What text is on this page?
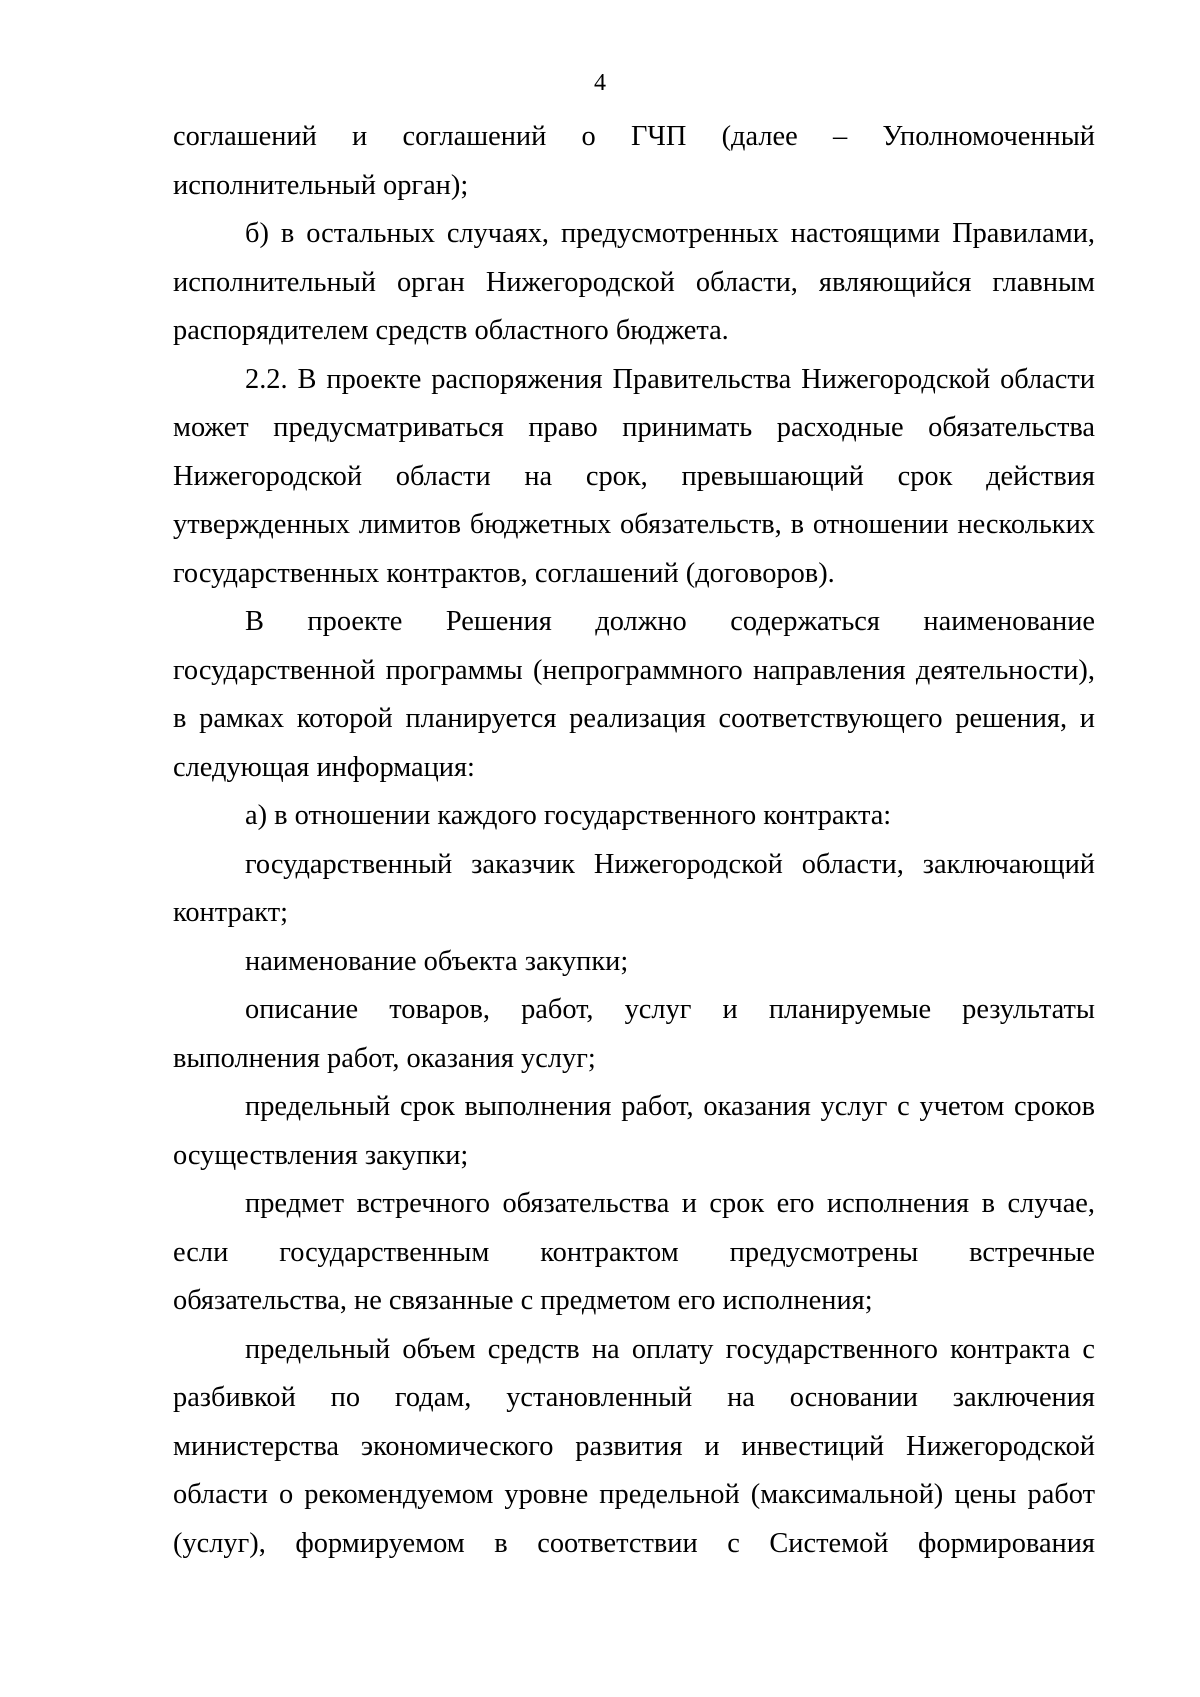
4

соглашений и соглашений о ГЧП (далее – Уполномоченный исполнительный орган);

б) в остальных случаях, предусмотренных настоящими Правилами, исполнительный орган Нижегородской области, являющийся главным распорядителем средств областного бюджета.

2.2. В проекте распоряжения Правительства Нижегородской области может предусматриваться право принимать расходные обязательства Нижегородской области на срок, превышающий срок действия утвержденных лимитов бюджетных обязательств, в отношении нескольких государственных контрактов, соглашений (договоров).

В проекте Решения должно содержаться наименование государственной программы (непрограммного направления деятельности), в рамках которой планируется реализация соответствующего решения, и следующая информация:

а) в отношении каждого государственного контракта:

государственный заказчик Нижегородской области, заключающий контракт;

наименование объекта закупки;

описание товаров, работ, услуг и планируемые результаты выполнения работ, оказания услуг;

предельный срок выполнения работ, оказания услуг с учетом сроков осуществления закупки;

предмет встречного обязательства и срок его исполнения в случае, если государственным контрактом предусмотрены встречные обязательства, не связанные с предметом его исполнения;

предельный объем средств на оплату государственного контракта с разбивкой по годам, установленный на основании заключения министерства экономического развития и инвестиций Нижегородской области о рекомендуемом уровне предельной (максимальной) цены работ (услуг), формируемом в соответствии с Системой формирования
